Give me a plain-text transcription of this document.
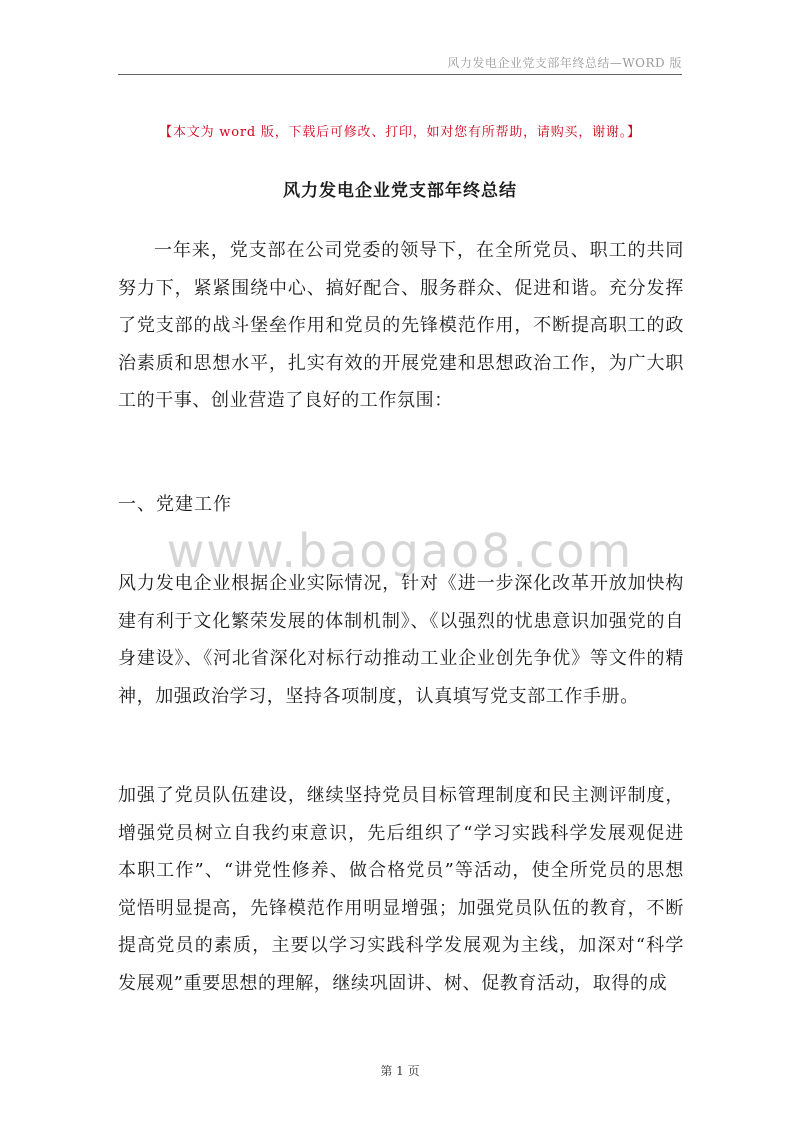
风力发电企业党支部年终总结—WORD 版
【本文为 word 版，下载后可修改、打印，如对您有所帮助，请购买，谢谢。】
风力发电企业党支部年终总结

一年来，党支部在公司党委的领导下，在全所党员、职工的共同努力下，紧紧围绕中心、搞好配合、服务群众、促进和谐。充分发挥了党支部的战斗堡垒作用和党员的先锋模范作用，不断提高职工的政治素质和思想水平，扎实有效的开展党建和思想政治工作，为广大职工的干事、创业营造了良好的工作氛围：

一、党建工作

www.baogao8.com

风力发电企业根据企业实际情况，针对《进一步深化改革开放加快构建有利于文化繁荣发展的体制机制》、《以强烈的忧患意识加强党的自身建设》、《河北省深化对标行动推动工业企业创先争优》等文件的精神，加强政治学习，坚持各项制度，认真填写党支部工作手册。

加强了党员队伍建设，继续坚持党员目标管理制度和民主测评制度，增强党员树立自我约束意识，先后组织了“学习实践科学发展观促进本职工作”、“讲党性修养、做合格党员”等活动，使全所党员的思想觉悟明显提高，先锋模范作用明显增强；加强党员队伍的教育，不断提高党员的素质，主要以学习实践科学发展观为主线，加深对“科学发展观”重要思想的理解，继续巩固讲、树、促教育活动，取得的成

第 1 页
